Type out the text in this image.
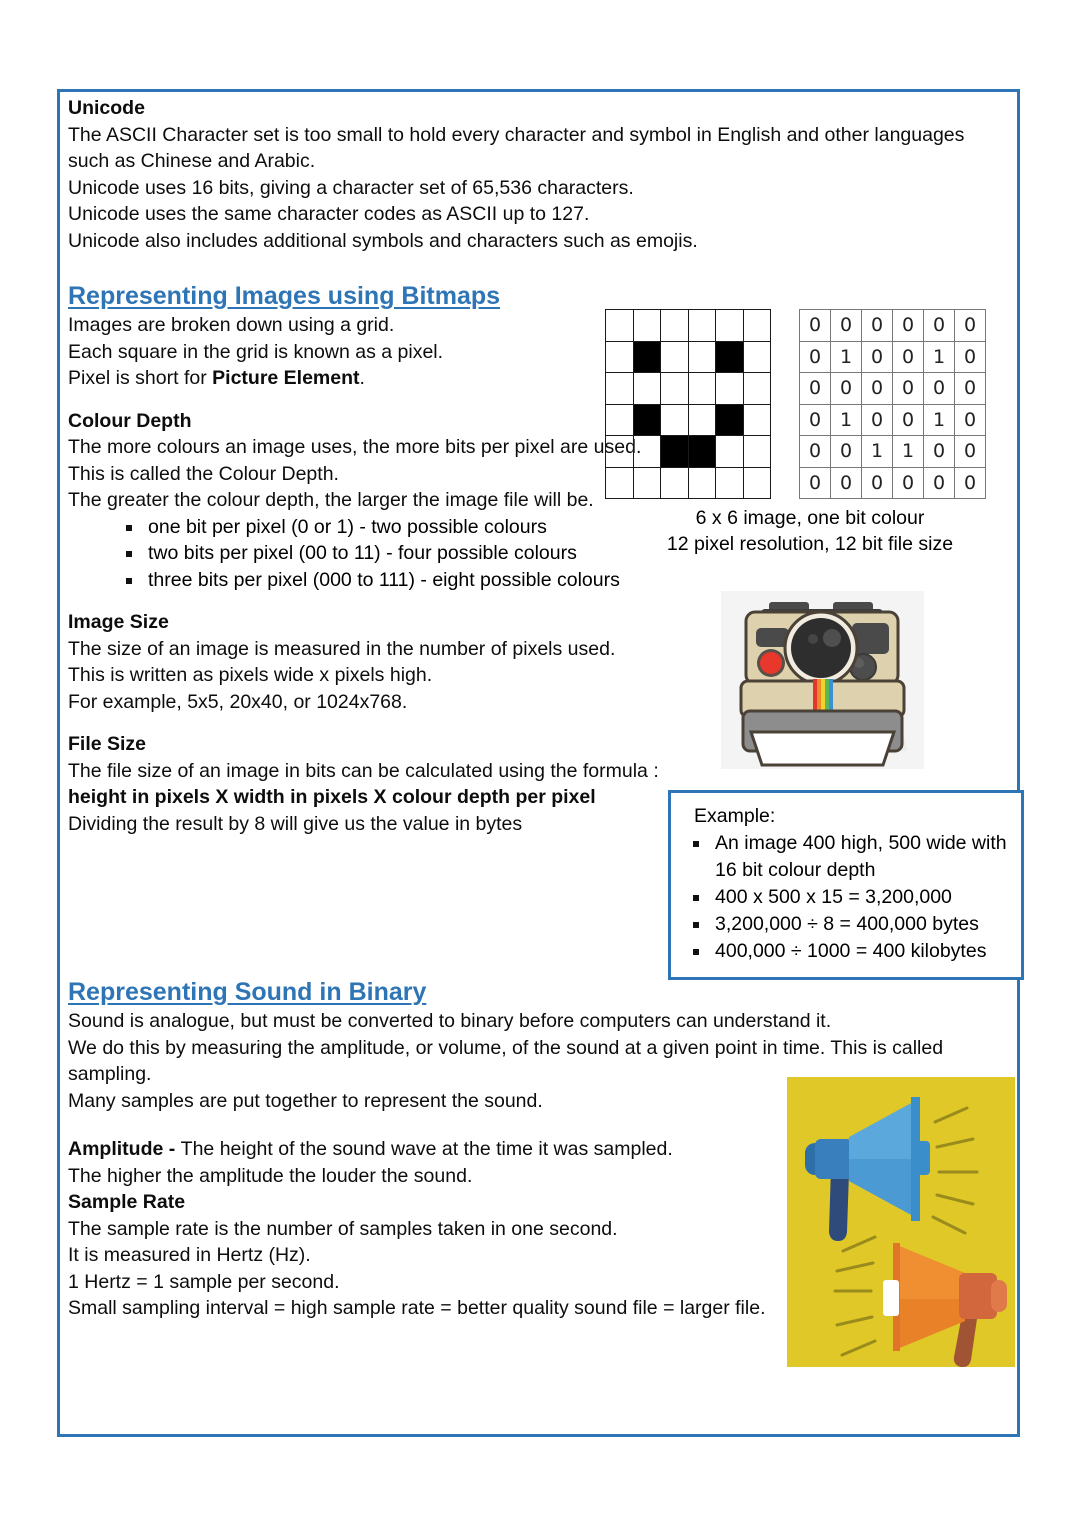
Unicode
The ASCII Character set is too small to hold every character and symbol in English and other languages such as Chinese and Arabic.
Unicode uses 16 bits, giving a character set of 65,536 characters.
Unicode uses the same character codes as ASCII up to 127.
Unicode also includes additional symbols and characters such as emojis.
Representing Images using Bitmaps
Images are broken down using a grid.
Each square in the grid is known as a pixel.
Pixel is short for Picture Element.
Colour Depth
The more colours an image uses, the more bits per pixel are used. This is called the Colour Depth.
The greater the colour depth, the larger the image file will be.
one bit per pixel (0 or 1) - two possible colours
two bits per pixel (00 to 11) - four possible colours
three bits per pixel (000 to 111) - eight possible colours
Image Size
The size of an image is measured in the number of pixels used.
This is written as pixels wide x pixels high.
For example, 5x5, 20x40, or 1024x768.
File Size
The file size of an image in bits can be calculated using the formula :
height in pixels X width in pixels X colour depth per pixel
Dividing the result by 8 will give us the value in bytes

0	0	0	0	0	0
0	1	0	0	1	0
0	0	0	0	0	0
0	1	0	0	1	0
0	0	1	1	0	0
0	0	0	0	0	0
6 x 6 image, one bit colour
12 pixel resolution, 12 bit file size
Example:
An image 400 high, 500 wide with 16 bit colour depth
400 x 500 x 15 = 3,200,000
3,200,000 ÷ 8 = 400,000 bytes
400,000 ÷ 1000 = 400 kilobytes
Representing Sound in Binary
Sound is analogue, but must be converted to binary before computers can understand it.
We do this by measuring the amplitude, or volume, of the sound at a given point in time. This is called sampling.
Many samples are put together to represent the sound.
Amplitude - The height of the sound wave at the time it was sampled.
The higher the amplitude the louder the sound.
Sample Rate
The sample rate is the number of samples taken in one second.
It is measured in Hertz (Hz).
1 Hertz = 1 sample per second.
Small sampling interval = high sample rate = better quality sound file = larger file.
